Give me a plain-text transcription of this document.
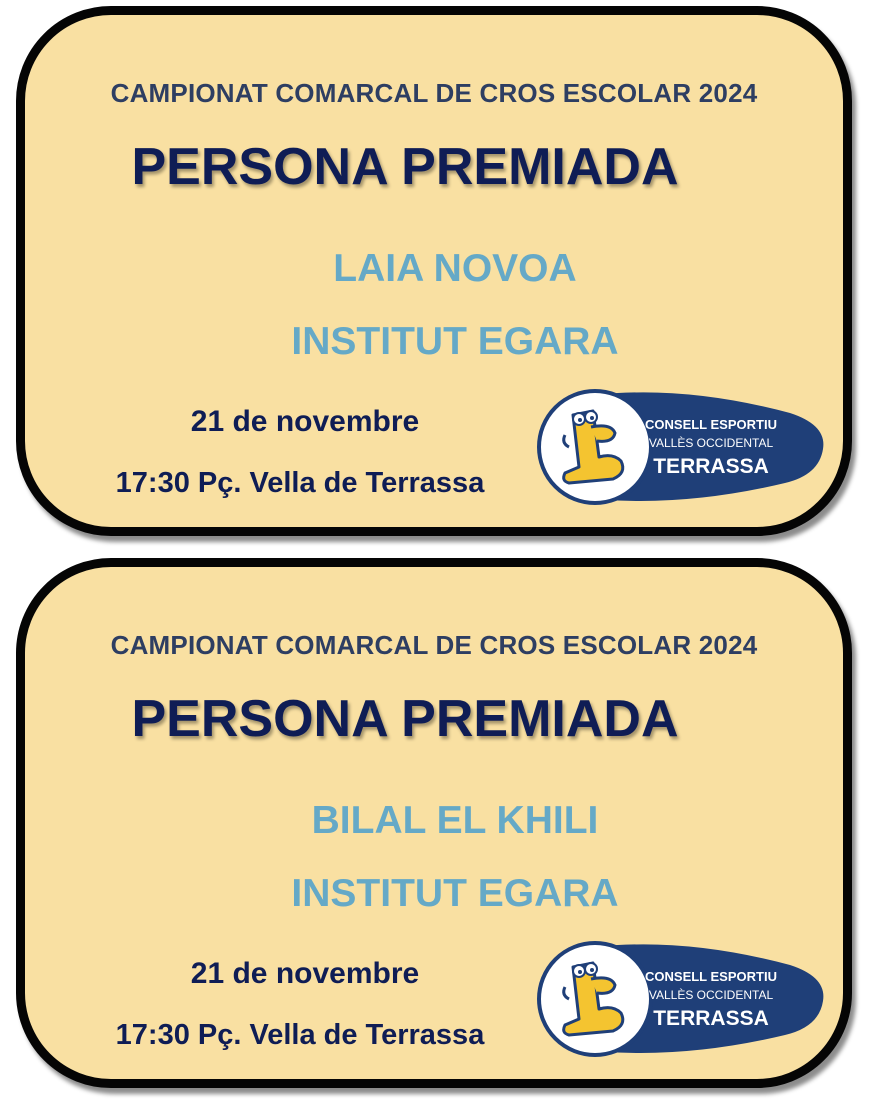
CAMPIONAT COMARCAL DE CROS ESCOLAR 2024
PERSONA PREMIADA
LAIA NOVOA
INSTITUT EGARA
21 de novembre
17:30 Pç. Vella de Terrassa
CONSELL ESPORTIU
VALLÈS OCCIDENTAL
TERRASSA
CAMPIONAT COMARCAL DE CROS ESCOLAR 2024
PERSONA PREMIADA
BILAL EL KHILI
INSTITUT EGARA
21 de novembre
17:30 Pç. Vella de Terrassa
CONSELL ESPORTIU
VALLÈS OCCIDENTAL
TERRASSA
